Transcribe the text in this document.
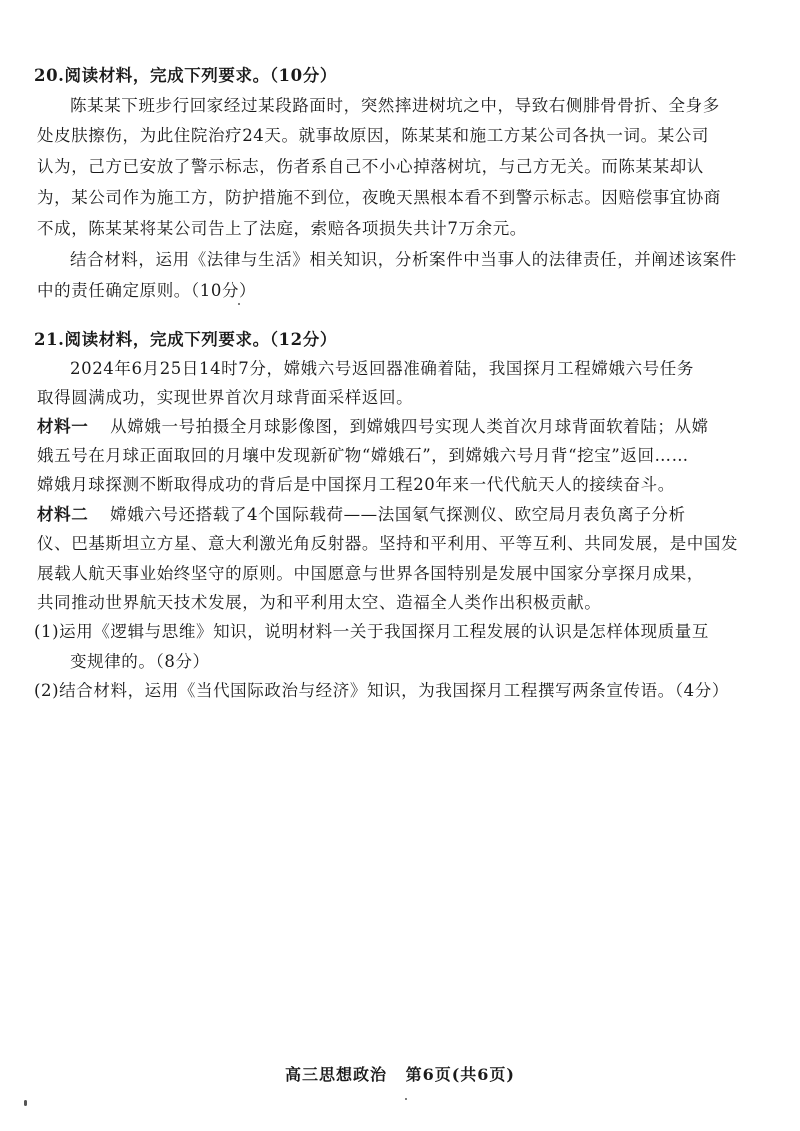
20.阅读材料，完成下列要求。（10分）
陈某某下班步行回家经过某段路面时，突然摔进树坑之中，导致右侧腓骨骨折、全身多
处皮肤擦伤，为此住院治疗24天。就事故原因，陈某某和施工方某公司各执一词。某公司
认为，己方已安放了警示标志，伤者系自己不小心掉落树坑，与己方无关。而陈某某却认
为，某公司作为施工方，防护措施不到位，夜晚天黑根本看不到警示标志。因赔偿事宜协商
不成，陈某某将某公司告上了法庭，索赔各项损失共计7万余元。
结合材料，运用《法律与生活》相关知识，分析案件中当事人的法律责任，并阐述该案件
中的责任确定原则。（10分）
21.阅读材料，完成下列要求。（12分）
2024年6月25日14时7分，嫦娥六号返回器准确着陆，我国探月工程嫦娥六号任务
取得圆满成功，实现世界首次月球背面采样返回。
材料一 从嫦娥一号拍摄全月球影像图，到嫦娥四号实现人类首次月球背面软着陆；从嫦
娥五号在月球正面取回的月壤中发现新矿物“嫦娥石”，到嫦娥六号月背“挖宝”返回……
嫦娥月球探测不断取得成功的背后是中国探月工程20年来一代代航天人的接续奋斗。
材料二 嫦娥六号还搭载了4个国际载荷——法国氡气探测仪、欧空局月表负离子分析
仪、巴基斯坦立方星、意大利激光角反射器。坚持和平利用、平等互利、共同发展，是中国发
展载人航天事业始终坚守的原则。中国愿意与世界各国特别是发展中国家分享探月成果，
共同推动世界航天技术发展，为和平利用太空、造福全人类作出积极贡献。
(1)运用《逻辑与思维》知识，说明材料一关于我国探月工程发展的认识是怎样体现质量互
变规律的。（8分）
(2)结合材料，运用《当代国际政治与经济》知识，为我国探月工程撰写两条宣传语。（4分）
高三思想政治 第6页(共6页)
